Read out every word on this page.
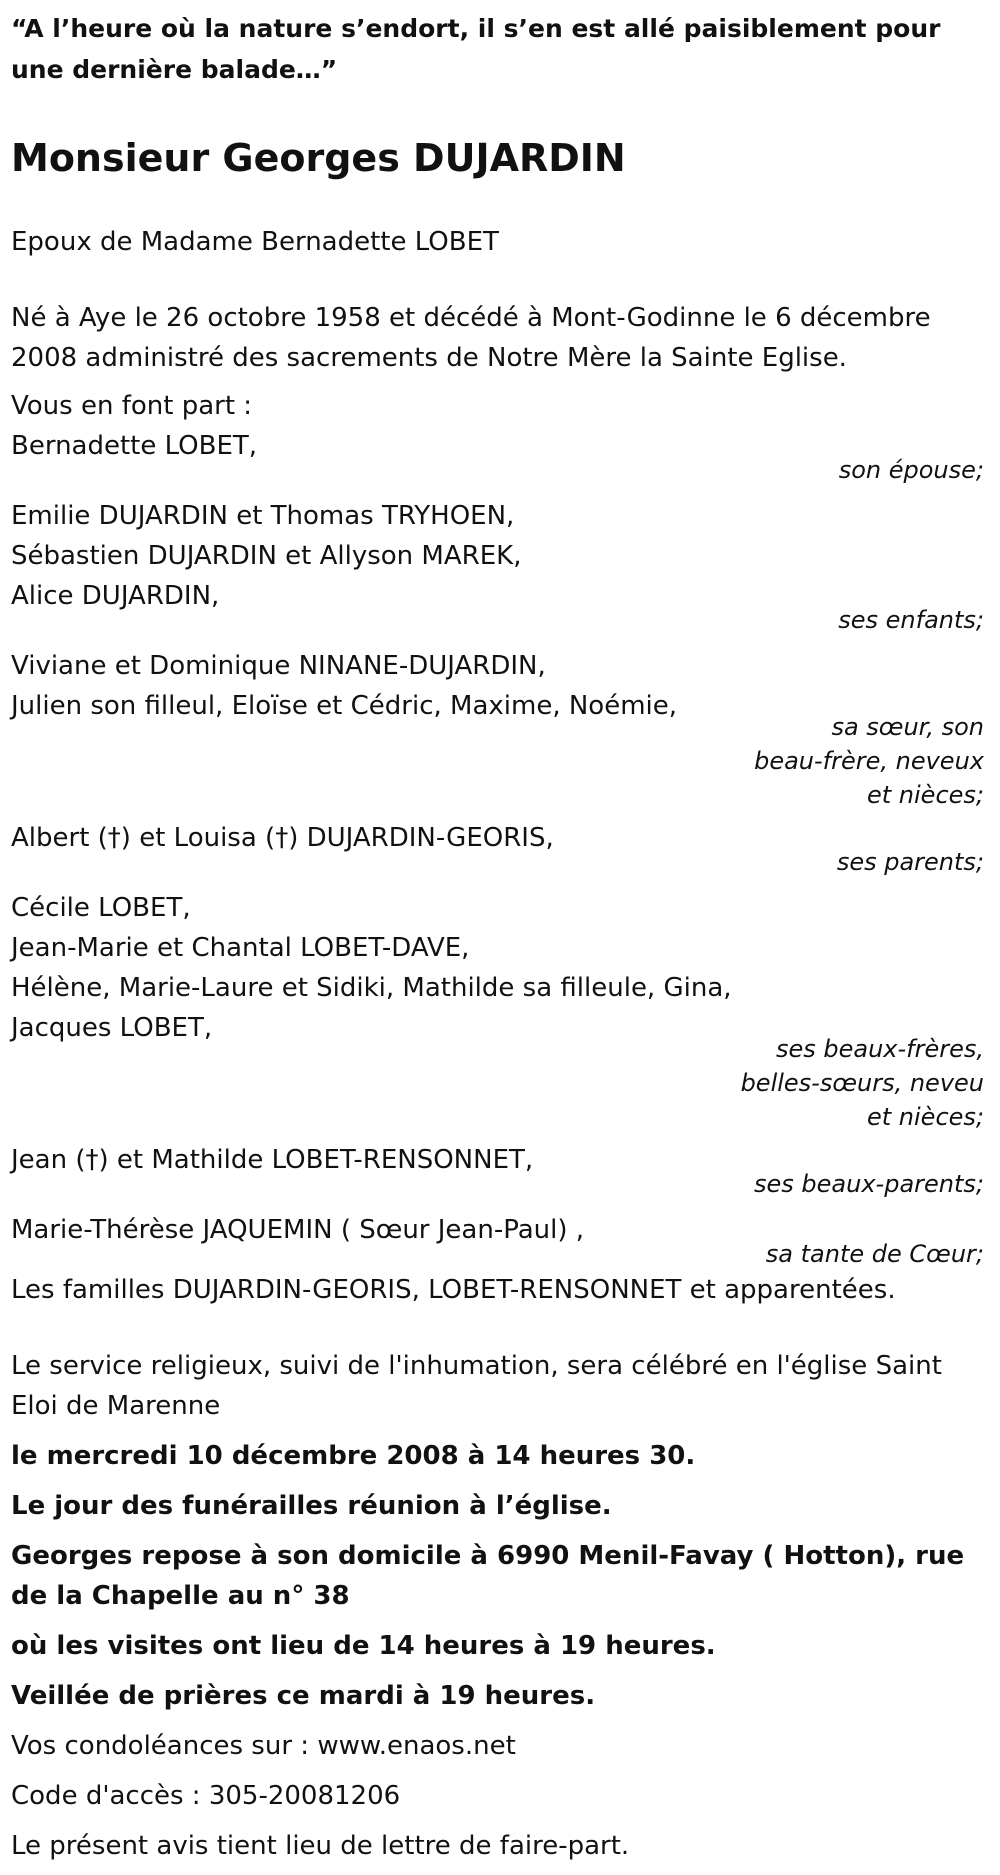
“A l’heure où la nature s’endort, il s’en est allé paisiblement pour une dernière balade…”

Monsieur Georges DUJARDIN

Epoux de Madame Bernadette LOBET

Né à Aye le 26 octobre 1958 et décédé à Mont-Godinne le 6 décembre 2008 administré des sacrements de Notre Mère la Sainte Eglise.

Vous en font part :

Bernadette LOBET,
son épouse;
Emilie DUJARDIN et Thomas TRYHOEN,
Sébastien DUJARDIN et Allyson MAREK,
Alice DUJARDIN,
ses enfants;
Viviane et Dominique NINANE-DUJARDIN,
Julien son filleul, Eloïse et Cédric, Maxime, Noémie,
sa sœur, son
beau-frère, neveux
et nièces;
Albert (†) et Louisa (†) DUJARDIN-GEORIS,
ses parents;
Cécile LOBET,
Jean-Marie et Chantal LOBET-DAVE,
Hélène, Marie-Laure et Sidiki, Mathilde sa filleule, Gina,
Jacques LOBET,
ses beaux-frères,
belles-sœurs, neveu
et nièces;
Jean (†) et Mathilde LOBET-RENSONNET,
ses beaux-parents;
Marie-Thérèse JAQUEMIN ( Sœur Jean-Paul) ,
sa tante de Cœur;

Les familles DUJARDIN-GEORIS, LOBET-RENSONNET et apparentées.

Le service religieux, suivi de l'inhumation, sera célébré en l'église Saint Eloi de Marenne

le mercredi 10 décembre 2008 à 14 heures 30.

Le jour des funérailles réunion à l’église.

Georges repose à son domicile à 6990 Menil-Favay ( Hotton), rue de la Chapelle au n° 38

où les visites ont lieu de 14 heures à 19 heures.

Veillée de prières ce mardi à 19 heures.

Vos condoléances sur : www.enaos.net

Code d'accès : 305-20081206

Le présent avis tient lieu de lettre de faire-part.
